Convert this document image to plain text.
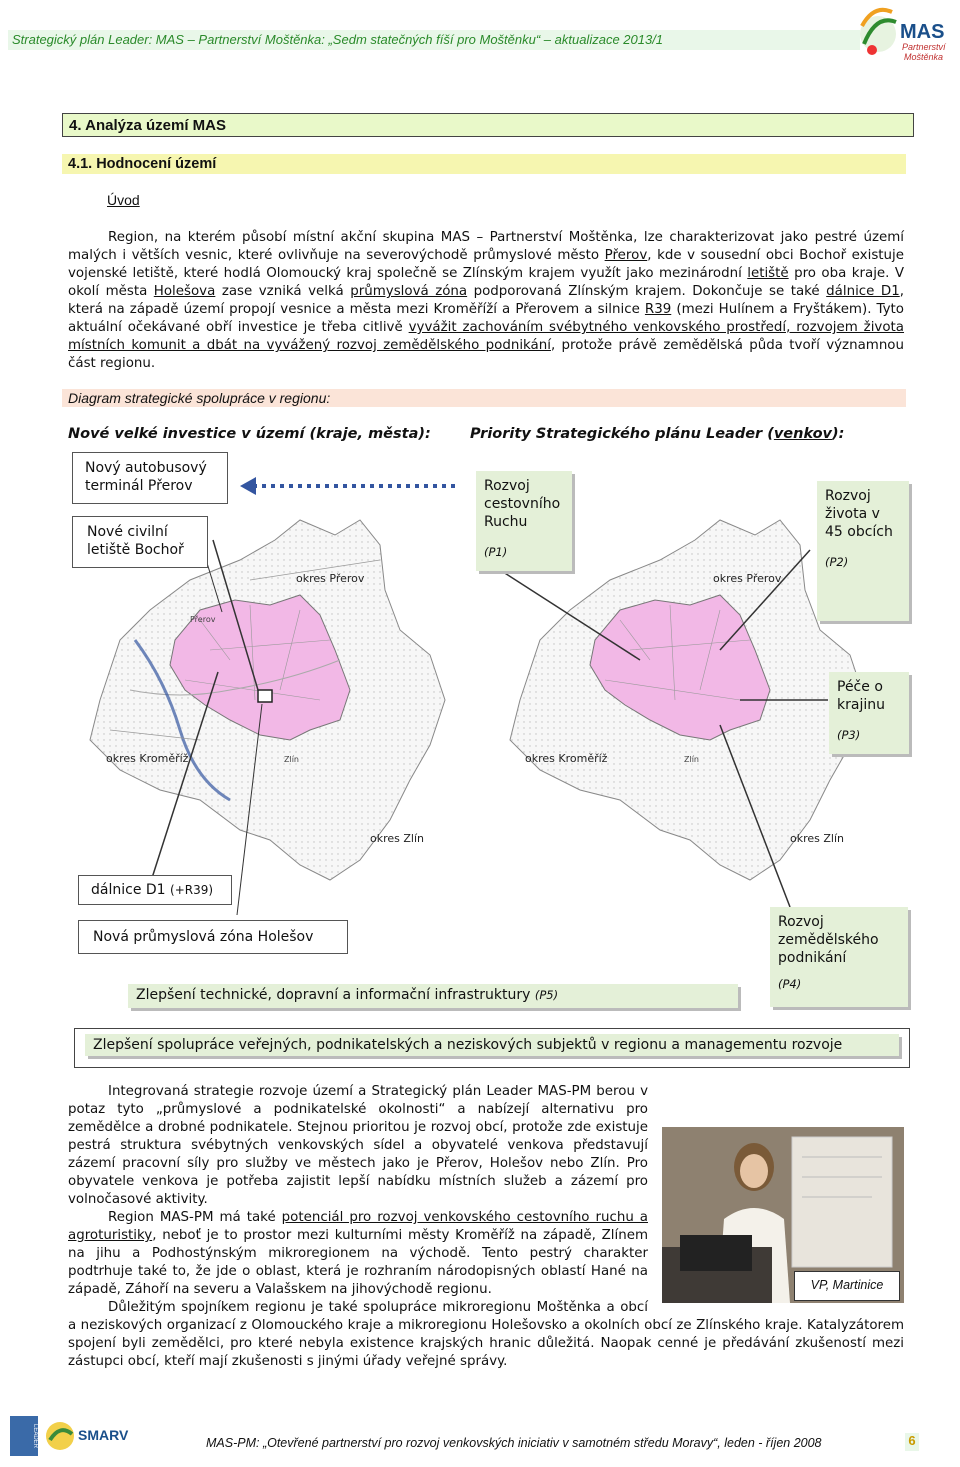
Strategický plán Leader: MAS – Partnerství Moštěnka: „Sedm statečných fíší pro Moštěnku“ – aktualizace 2013/1	MAS
Partnerství
Moštěnka
4. Analýza území MAS
4.1. Hodnocení území
Úvod
Region, na kterém působí místní akční skupina MAS – Partnerství Moštěnka, lze charakterizovat jako pestré území malých i větších vesnic, které ovlivňuje na severovýchodě průmyslové město Přerov, kde v sousední obci Bochoř existuje vojenské letiště, které hodlá Olomoucký kraj společně se Zlínským krajem využít jako mezinárodní letiště pro oba kraje. V okolí města Holešova zase vzniká velká průmyslová zóna podporovaná Zlínským krajem. Dokončuje se také dálnice D1, která na západě území propojí vesnice a města mezi Kroměříží a Přerovem a silnice R39 (mezi Hulínem a Fryštákem). Tyto aktuální očekávané obří investice je třeba citlivě vyvážit zachováním svébytného venkovského prostředí, rozvojem života místních komunit a dbát na vyvážený rozvoj zemědělského podnikání, protože právě zemědělská půda tvoří významnou část regionu.
Diagram strategické spolupráce v regionu:
Nové velké investice v území (kraje, města):	Priority Strategického plánu Leader (venkov):
okres Přerov
okres Kroměříž
okres Zlín
Zlín
Přerov
okres Přerov
okres Kroměříž
okres Zlín
Zlín
Nový autobusový terminál Přerov
Nové civilní letiště Bochoř
dálnice D1 (+R39)
Nová průmyslová zóna Holešov
Rozvoj cestovního Ruchu
(P1)
Rozvoj života v 45 obcích
(P2)
Péče o krajinu
(P3)
Rozvoj zemědělského podnikání
(P4)
Zlepšení technické, dopravní a informační infrastruktury (P5)
Zlepšení spolupráce veřejných, podnikatelských a neziskových subjektů v regionu a managementu rozvoje
VP, Martinice

Integrovaná strategie rozvoje území a Strategický plán Leader MAS-PM berou v potaz tyto „průmyslové a podnikatelské okolnosti“ a nabízejí alternativu pro zemědělce a drobné podnikatele. Stejnou prioritou je rozvoj obcí, protože zde existuje pestrá struktura svébytných venkovských sídel a obyvatelé venkova představují zázemí pracovní síly pro služby ve městech jako je Přerov, Holešov nebo Zlín. Pro obyvatele venkova je potřeba zajistit lepší nabídku místních služeb a zázemí pro volnočasové aktivity.

Region MAS-PM má také potenciál pro rozvoj venkovského cestovního ruchu a agroturistiky, neboť je to prostor mezi kulturními městy Kroměříž na západě, Zlínem na jihu a Podhostýnským mikroregionem na východě. Tento pestrý charakter podtrhuje také to, že jde o oblast, která je rozhraním národopisných oblastí Hané na západě, Záhoří na severu a Valašskem na jihovýchodě regionu.

Důležitým spojníkem regionu je také spolupráce mikroregionu Moštěnka a obcí a neziskových organizací z Olomouckého kraje a mikroregionu Holešovsko a okolních obcí ze Zlínského kraje. Katalyzátorem spojení byli zemědělci, pro které nebyla existence krajských hranic důležitá. Naopak cenné je předávání zkušeností mezi zástupci obcí, kteří mají zkušenosti s jinými úřady veřejné správy.

LEADER	SMARV	MAS-PM: „Otevřené partnerství pro rozvoj venkovských iniciativ v samotném středu Moravy“, leden - říjen 2008	6
